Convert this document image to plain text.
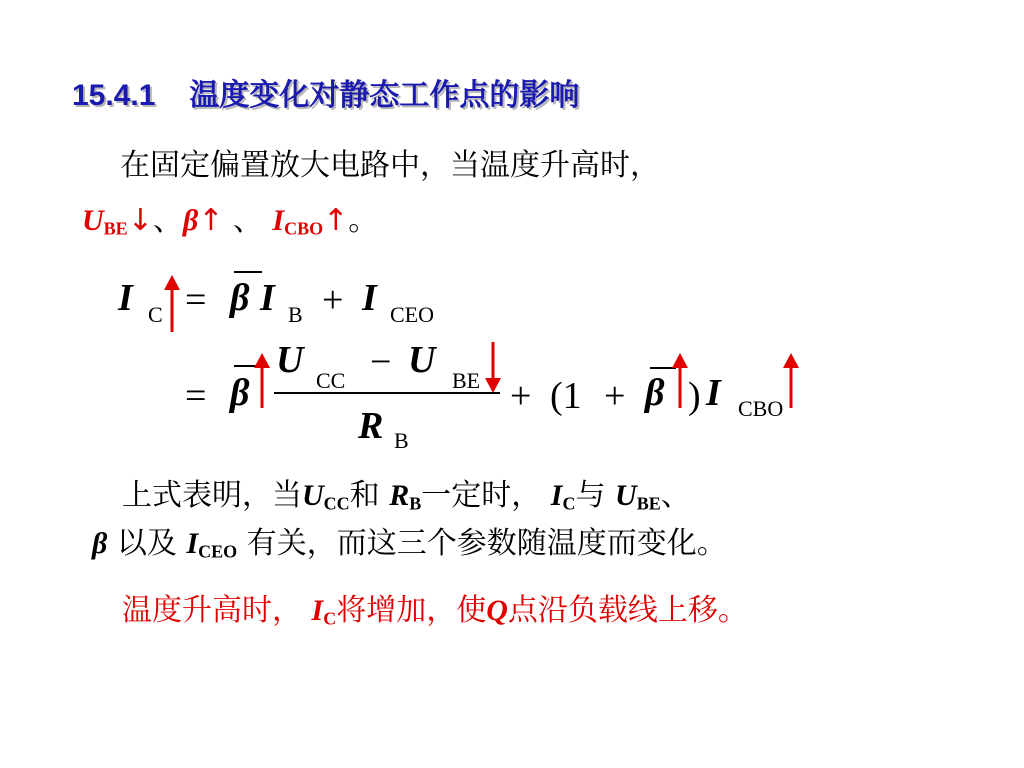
15.4.1 温度变化对静态工作点的影响
在固定偏置放大电路中，当温度升高时，
$U_{BE}↓$、β↑ 、 $I_{CBO}↑$。
I C = β I B + I CEO
= β
U CC − U BE
R B
+ (1 + β ) I CBO
上式表明，当$U_{CC}$和 $R_B$一定时， $I_C$与 $U_{BE}$、
β 以及 $I_{CEO}$ 有关，而这三个参数随温度而变化。
温度升高时， $I_C$将增加，使Q点沿负载线上移。
